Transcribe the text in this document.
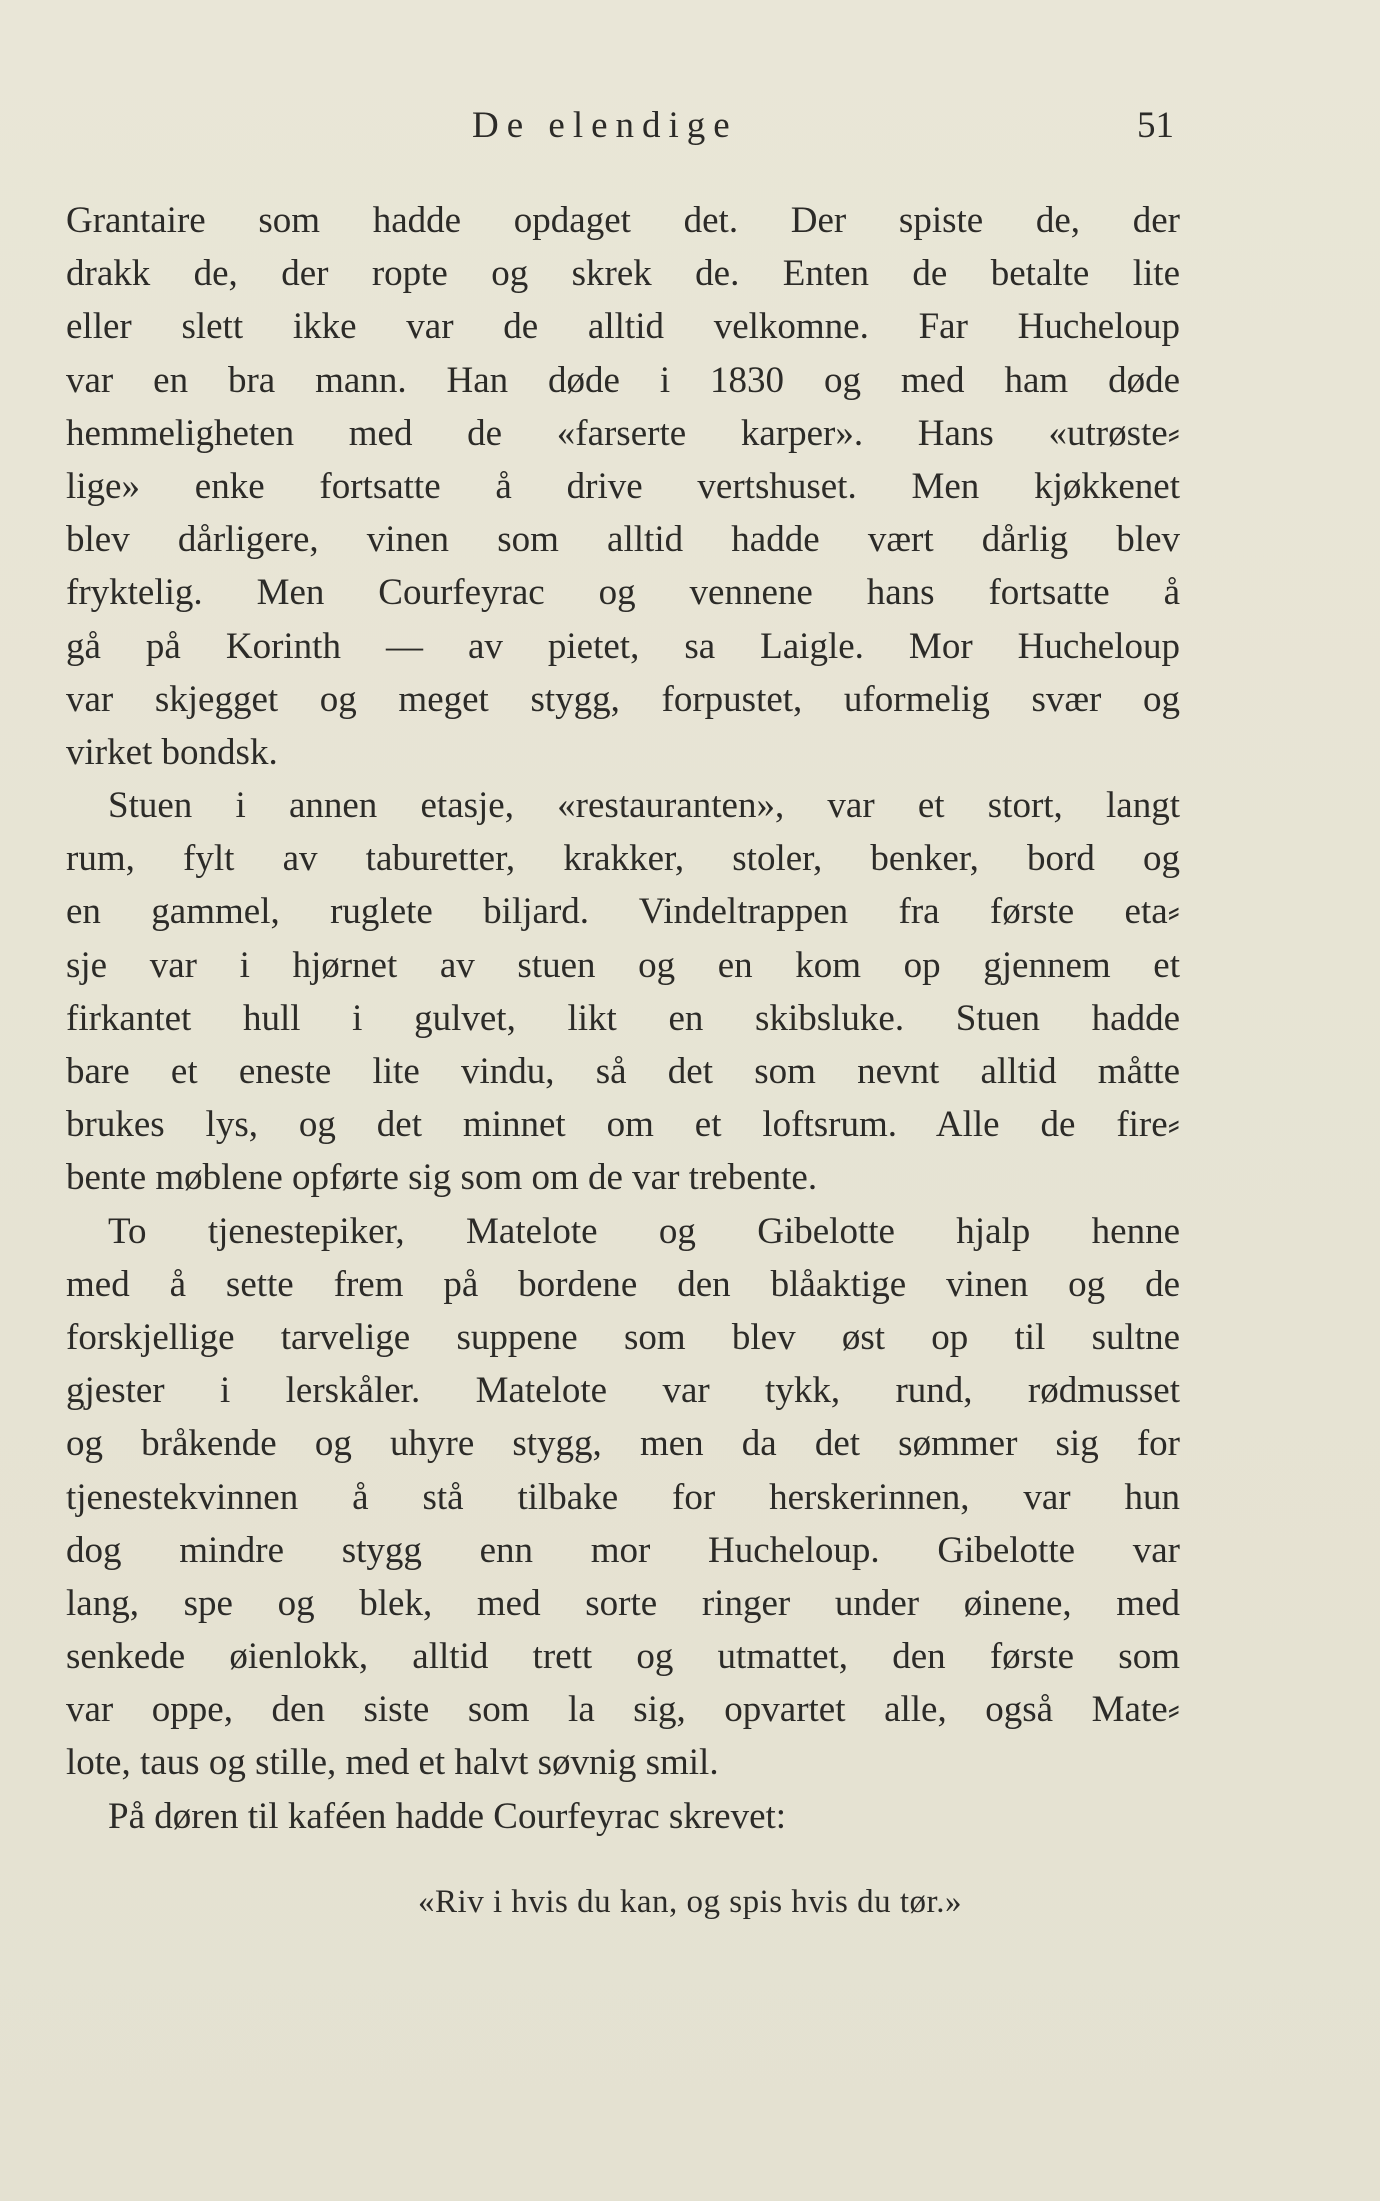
De elendige	51

Grantaire som hadde opdaget det. Der spiste de, der
drakk de, der ropte og skrek de. Enten de betalte lite
eller slett ikke var de alltid velkomne. Far Hucheloup
var en bra mann. Han døde i 1830 og med ham døde
hemmeligheten med de «farserte karper». Hans «utrøste⸗
lige» enke fortsatte å drive vertshuset. Men kjøkkenet
blev dårligere, vinen som alltid hadde vært dårlig blev
fryktelig. Men Courfeyrac og vennene hans fortsatte å
gå på Korinth — av pietet, sa Laigle. Mor Hucheloup
var skjegget og meget stygg, forpustet, uformelig svær og
virket bondsk.

Stuen i annen etasje, «restauranten», var et stort, langt
rum, fylt av taburetter, krakker, stoler, benker, bord og
en gammel, ruglete biljard. Vindeltrappen fra første eta⸗
sje var i hjørnet av stuen og en kom op gjennem et
firkantet hull i gulvet, likt en skibsluke. Stuen hadde
bare et eneste lite vindu, så det som nevnt alltid måtte
brukes lys, og det minnet om et loftsrum. Alle de fire⸗
bente møblene opførte sig som om de var trebente.

To tjenestepiker, Matelote og Gibelotte hjalp henne
med å sette frem på bordene den blåaktige vinen og de
forskjellige tarvelige suppene som blev øst op til sultne
gjester i lerskåler. Matelote var tykk, rund, rødmusset
og bråkende og uhyre stygg, men da det sømmer sig for
tjenestekvinnen å stå tilbake for herskerinnen, var hun
dog mindre stygg enn mor Hucheloup. Gibelotte var
lang, spe og blek, med sorte ringer under øinene, med
senkede øienlokk, alltid trett og utmattet, den første som
var oppe, den siste som la sig, opvartet alle, også Mate⸗
lote, taus og stille, med et halvt søvnig smil.

På døren til kaféen hadde Courfeyrac skrevet:

«Riv i hvis du kan, og spis hvis du tør.»
